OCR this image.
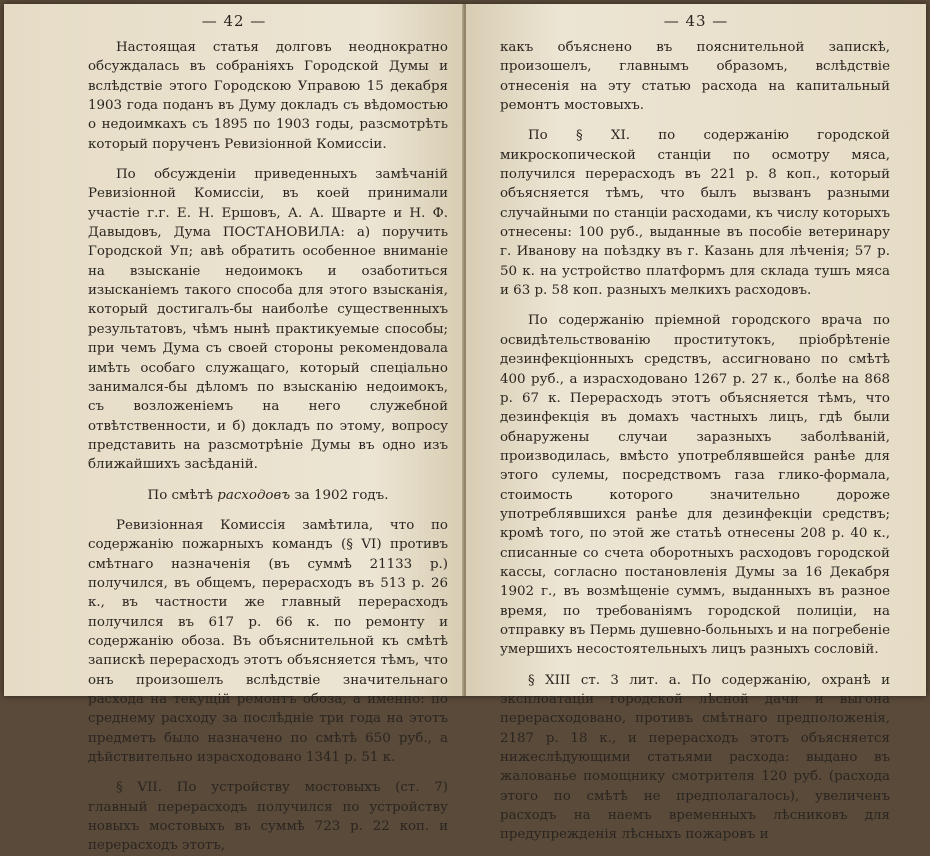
— 42 —

Настоящая статья долговъ неоднократно обсуждалась въ собранiяхъ Городской Думы и вслѣдствiе этого Городскою Управою 15 декабря 1903 года поданъ въ Думу докладъ съ вѣдомостью о недоимкахъ съ 1895 по 1903 годы, разсмотрѣть который порученъ Ревизiонной Комиссiи.

По обсужденiи приведенныхъ замѣчанiй Ревизiонной Комиссiи, въ коей принимали участiе г.г. Е. Н. Ершовъ, А. А. Шварте и Н. Ф. Давыдовъ, Дума ПОСТАНОВИЛА: а) поручить Городской Уп; авѣ обратить особенное вниманiе на взысканiе недоимокъ и озаботиться изысканiемъ такого способа для этого взысканiя, который достигалъ-бы наиболѣе существенныхъ результатовъ, чѣмъ нынѣ практикуемые способы; при чемъ Дума съ своей стороны рекомендовала имѣть особаго служащаго, который спецiально занимался-бы дѣломъ по взысканiю недоимокъ, съ возложенiемъ на него служебной отвѣтственности, и б) докладъ по этому, вопросу представить на разсмотрѣнiе Думы въ одно изъ ближайшихъ засѣданiй.

По смѣтѣ расходовъ за 1902 годъ.

Ревизiонная Комиссiя замѣтила, что по содержанiю пожарныхъ командъ (§ VI) противъ смѣтнаго назначенiя (въ суммѣ 21133 р.) получился, въ общемъ, перерасходъ въ 513 р. 26 к., въ частности же главный перерасходъ получился въ 617 р. 66 к. по ремонту и содержанiю обоза. Въ объяснительной къ смѣтѣ запискѣ перерасходъ этотъ объясняется тѣмъ, что онъ произошелъ вслѣдствiе значительнаго расхода на текущiй ремонтъ обоза, а именно: по среднему расходу за послѣднiе три года на этотъ предметъ было назначено по смѣтѣ 650 руб., а дѣйствительно израсходовано 1341 р. 51 к.

§ VII. По устройству мостовыхъ (ст. 7) главный перерасходъ получился по устройству новыхъ мостовыхъ въ суммѣ 723 р. 22 коп. и перерасходъ этотъ,

— 43 —

какъ объяснено въ пояснительной запискѣ, произошелъ, главнымъ образомъ, вслѣдствiе отнесенiя на эту статью расхода на капитальный ремонтъ мостовыхъ.

По § XI. по содержанiю городской микроскопической станцiи по осмотру мяса, получился перерасходъ въ 221 р. 8 коп., который объясняется тѣмъ, что былъ вызванъ разными случайными по станцiи расходами, къ числу которыхъ отнесены: 100 руб., выданные въ пособiе ветеринару г. Иванову на поѣздку въ г. Казань для лѣченiя; 57 р. 50 к. на устройство платформъ для склада тушъ мяса и 63 р. 58 коп. разныхъ мелкихъ расходовъ.

По содержанiю прiемной городского врача по освидѣтельствованiю проститутокъ, прiобрѣтенiе дезинфекцiонныхъ средствъ, ассигновано по смѣтѣ 400 руб., а израсходовано 1267 р. 27 к., болѣе на 868 р. 67 к. Перерасходъ этотъ объясняется тѣмъ, что дезинфекцiя въ домахъ частныхъ лицъ, гдѣ были обнаружены случаи заразныхъ заболѣванiй, производилась, вмѣсто употреблявшейся ранѣе для этого сулемы, посредствомъ газа глико-формала, стоимость которого значительно дороже употреблявшихся ранѣе для дезинфекцiи средствъ; кромѣ того, по этой же статьѣ отнесены 208 р. 40 к., списанные со счета оборотныхъ расходовъ городской кассы, согласно постановленiя Думы за 16 Декабря 1902 г., въ возмѣщенiе суммъ, выданныхъ въ разное время, по требованiямъ городской полицiи, на отправку въ Пермь душевно-больныхъ и на погребенiе умершихъ несостоятельныхъ лицъ разныхъ сословiй.

§ XIII ст. 3 лит. а. По содержанiю, охранѣ и эксплоатацiи городской лѣсной дачи и выгона перерасходовано, противъ смѣтнаго предположенiя, 2187 р. 18 к., и перерасходъ этотъ объясняется нижеслѣдующими статьями расхода: выдано въ жалованье помощнику смотрителя 120 руб. (расхода этого по смѣтѣ не предполагалось), увеличенъ расходъ на наемъ временныхъ лѣсниковъ для предупрежденiя лѣсныхъ пожаровъ и
